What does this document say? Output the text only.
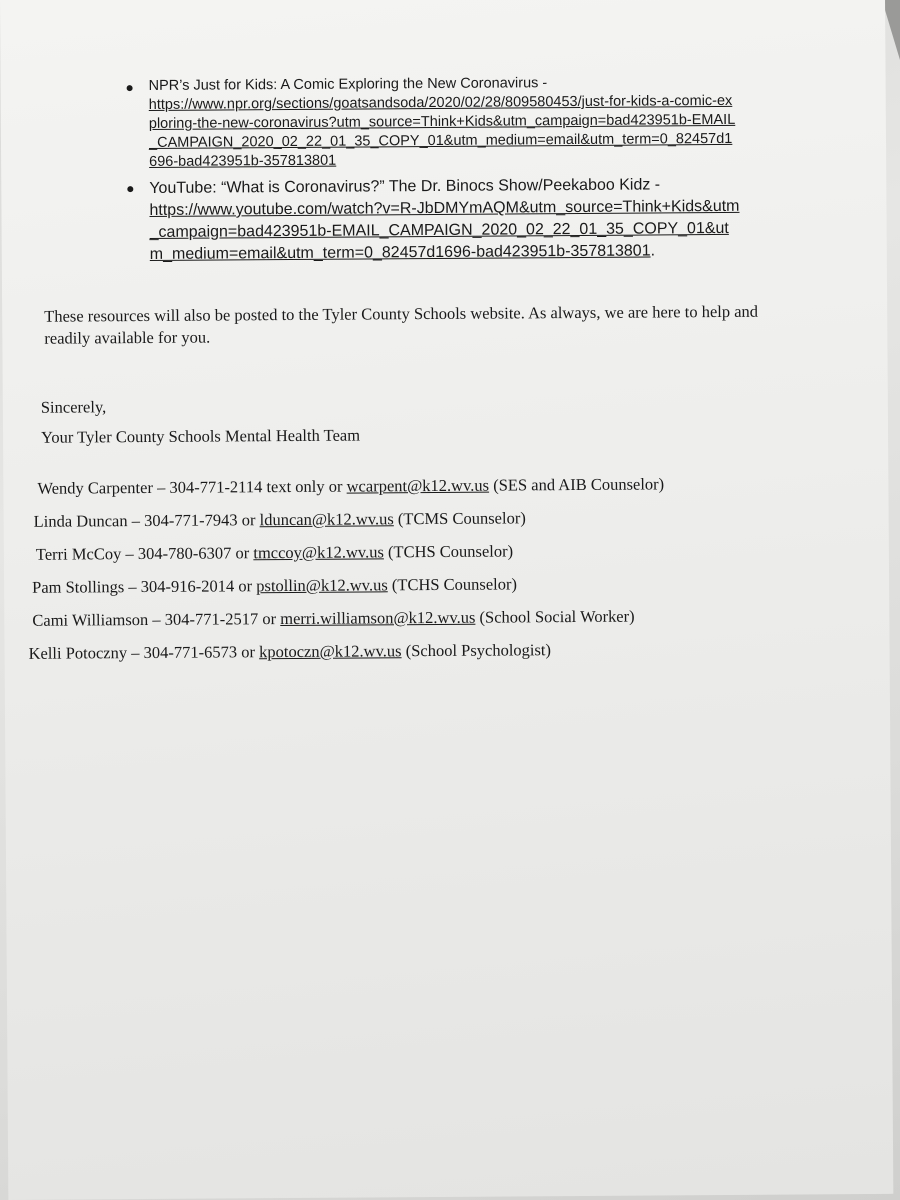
NPR’s Just for Kids: A Comic Exploring the New Coronavirus -
https://www.npr.org/sections/goatsandsoda/2020/02/28/809580453/just-for-kids-a-comic-exploring-the-new-coronavirus?utm_source=Think+Kids&utm_campaign=bad423951b-EMAIL_CAMPAIGN_2020_02_22_01_35_COPY_01&utm_medium=email&utm_term=0_82457d1696-bad423951b-357813801
YouTube: “What is Coronavirus?” The Dr. Binocs Show/Peekaboo Kidz -
https://www.youtube.com/watch?v=R-JbDMYmAQM&utm_source=Think+Kids&utm_campaign=bad423951b-EMAIL_CAMPAIGN_2020_02_22_01_35_COPY_01&utm_medium=email&utm_term=0_82457d1696-bad423951b-357813801.
These resources will also be posted to the Tyler County Schools website. As always, we are here to help and readily available for you.
Sincerely,
Your Tyler County Schools Mental Health Team
Wendy Carpenter – 304-771-2114 text only or wcarpent@k12.wv.us (SES and AIB Counselor)
Linda Duncan – 304-771-7943 or lduncan@k12.wv.us (TCMS Counselor)
Terri McCoy – 304-780-6307 or tmccoy@k12.wv.us (TCHS Counselor)
Pam Stollings – 304-916-2014 or pstollin@k12.wv.us (TCHS Counselor)
Cami Williamson – 304-771-2517 or merri.williamson@k12.wv.us (School Social Worker)
Kelli Potoczny – 304-771-6573 or kpotoczn@k12.wv.us (School Psychologist)
